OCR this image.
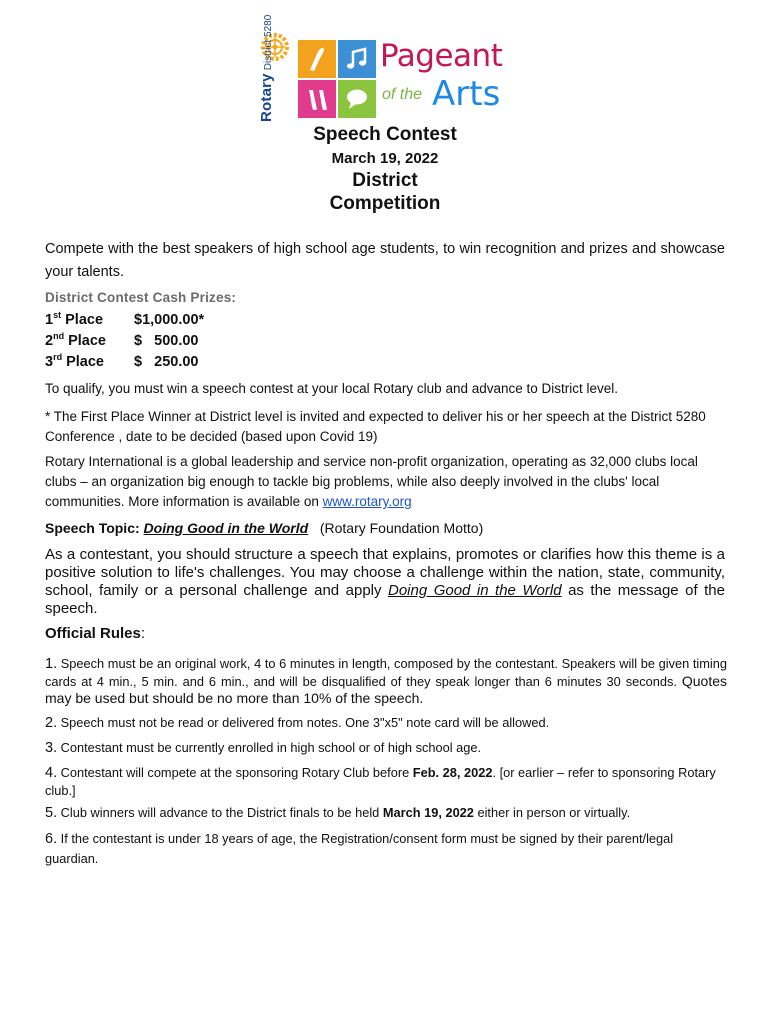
RotaryDistrict 5280	Pageant
of the Arts
Speech Contest
March 19, 2022
District
Competition
Compete with the best speakers of high school age students, to win recognition and prizes and showcase your talents.
District Contest Cash Prizes:
1st Place	$1,000.00*
2nd Place	$   500.00
3rd Place	$   250.00
To qualify, you must win a speech contest at your local Rotary club and advance to District level.
* The First Place Winner at District level is invited and expected to deliver his or her speech at the District 5280 Conference , date to be decided (based upon Covid 19)
Rotary International is a global leadership and service non-profit organization, operating as 32,000 clubs local clubs – an organization big enough to tackle big problems, while also deeply involved in the clubs' local communities. More information is available on www.rotary.org
Speech Topic: Doing Good in the World (Rotary Foundation Motto)
As a contestant, you should structure a speech that explains, promotes or clarifies how this theme is a positive solution to life's challenges. You may choose a challenge within the nation, state, community, school, family or a personal challenge and apply Doing Good in the World as the message of the speech.
Official Rules:
1. Speech must be an original work, 4 to 6 minutes in length, composed by the contestant. Speakers will be given timing cards at 4 min., 5 min. and 6 min., and will be disqualified of they speak longer than 6 minutes 30 seconds. Quotes may be used but should be no more than 10% of the speech.
2. Speech must not be read or delivered from notes. One 3"x5" note card will be allowed.
3. Contestant must be currently enrolled in high school or of high school age.
4. Contestant will compete at the sponsoring Rotary Club before Feb. 28, 2022. [or earlier – refer to sponsoring Rotary club.]
5. Club winners will advance to the District finals to be held March 19, 2022 either in person or virtually.
6. If the contestant is under 18 years of age, the Registration/consent form must be signed by their parent/legal guardian.
